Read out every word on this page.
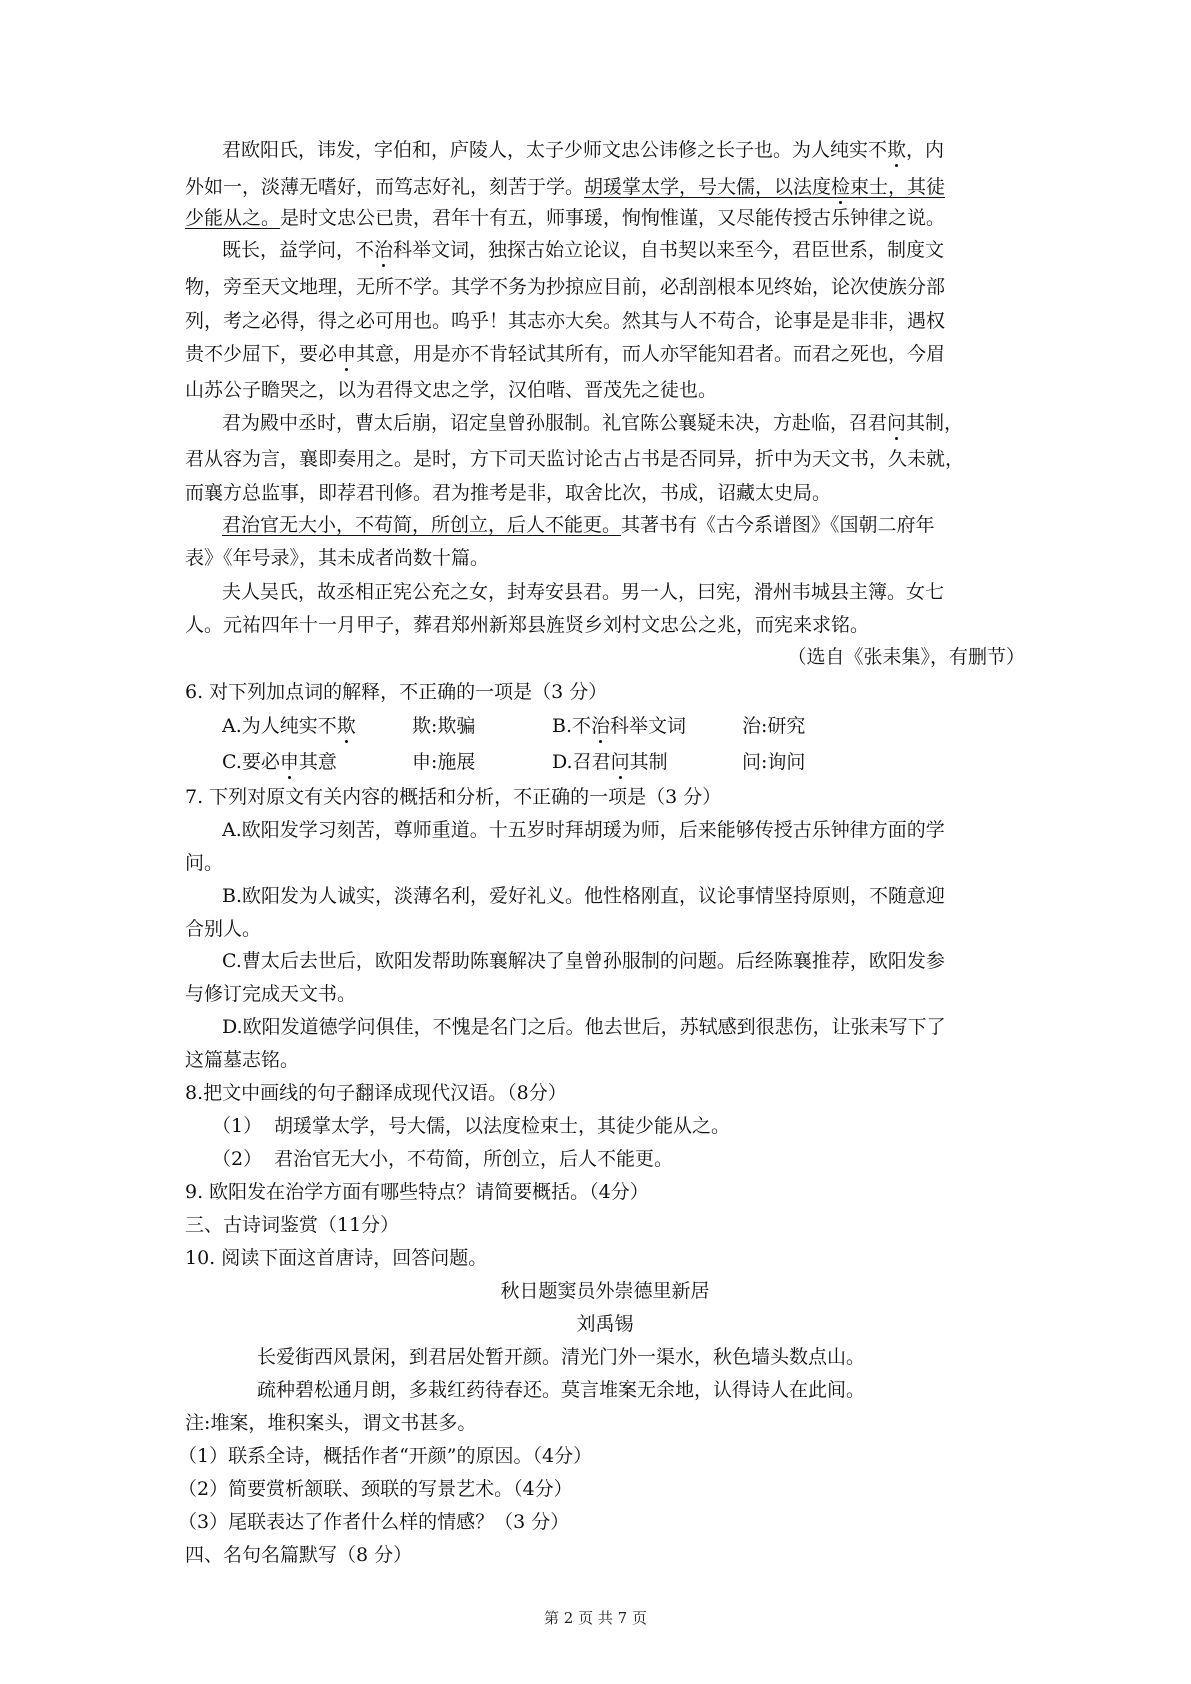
君欧阳氏，讳发，字伯和，庐陵人，太子少师文忠公讳修之长子也。为人纯实不欺，内
外如一，淡薄无嗜好，而笃志好礼，刻苦于学。胡瑗掌太学，号大儒，以法度检束士，其徒
少能从之。是时文忠公已贵，君年十有五，师事瑗，恂恂惟谨，又尽能传授古乐钟律之说。
既长，益学问，不治科举文词，独探古始立论议，自书契以来至今，君臣世系，制度文
物，旁至天文地理，无所不学。其学不务为抄掠应目前，必刮剖根本见终始，论次使族分部
列，考之必得，得之必可用也。呜乎！其志亦大矣。然其与人不苟合，论事是是非非，遇权
贵不少屈下，要必申其意，用是亦不肯轻试其所有，而人亦罕能知君者。而君之死也，今眉
山苏公子瞻哭之，以为君得文忠之学，汉伯喈、晋茂先之徒也。
君为殿中丞时，曹太后崩，诏定皇曾孙服制。礼官陈公襄疑未决，方赴临，召君问其制，
君从容为言，襄即奏用之。是时，方下司天监讨论古占书是否同异，折中为天文书，久未就，
而襄方总监事，即荐君刊修。君为推考是非，取舍比次，书成，诏藏太史局。
君治官无大小，不苟简，所创立，后人不能更。其著书有《古今系谱图》《国朝二府年
表》《年号录》，其未成者尚数十篇。
夫人吴氏，故丞相正宪公充之女，封寿安县君。男一人，曰宪，滑州韦城县主簿。女七
人。元祐四年十一月甲子，葬君郑州新郑县旌贤乡刘村文忠公之兆，而宪来求铭。
（选自《张耒集》，有删节）
6. 对下列加点词的解释，不正确的一项是（3 分）
A.为人纯实不欺	欺:欺骗	B.不治科举文词	治:研究
C.要必申其意	申:施展	D.召君问其制	问:询问
7. 下列对原文有关内容的概括和分析，不正确的一项是（3 分）
A.欧阳发学习刻苦，尊师重道。十五岁时拜胡瑗为师，后来能够传授古乐钟律方面的学
问。
B.欧阳发为人诚实，淡薄名利，爱好礼义。他性格刚直，议论事情坚持原则，不随意迎
合别人。
C.曹太后去世后，欧阳发帮助陈襄解决了皇曾孙服制的问题。后经陈襄推荐，欧阳发参
与修订完成天文书。
D.欧阳发道德学问俱佳，不愧是名门之后。他去世后，苏轼感到很悲伤，让张耒写下了
这篇墓志铭。
8.把文中画线的句子翻译成现代汉语。（8分）
（1） 胡瑗掌太学，号大儒，以法度检束士，其徒少能从之。
（2） 君治官无大小，不苟简，所创立，后人不能更。
9. 欧阳发在治学方面有哪些特点？请简要概括。（4分）
三、古诗词鉴赏（11分）
10. 阅读下面这首唐诗，回答问题。
秋日题窦员外崇德里新居
刘禹锡
长爱街西风景闲，到君居处暂开颜。清光门外一渠水，秋色墙头数点山。
疏种碧松通月朗，多栽红药待春还。莫言堆案无余地，认得诗人在此间。
注:堆案，堆积案头，谓文书甚多。
（1）联系全诗，概括作者“开颜”的原因。（4分）
（2）简要赏析颔联、颈联的写景艺术。（4分）
（3）尾联表达了作者什么样的情感？（3 分）
四、名句名篇默写（8 分）
第 2 页 共 7 页
